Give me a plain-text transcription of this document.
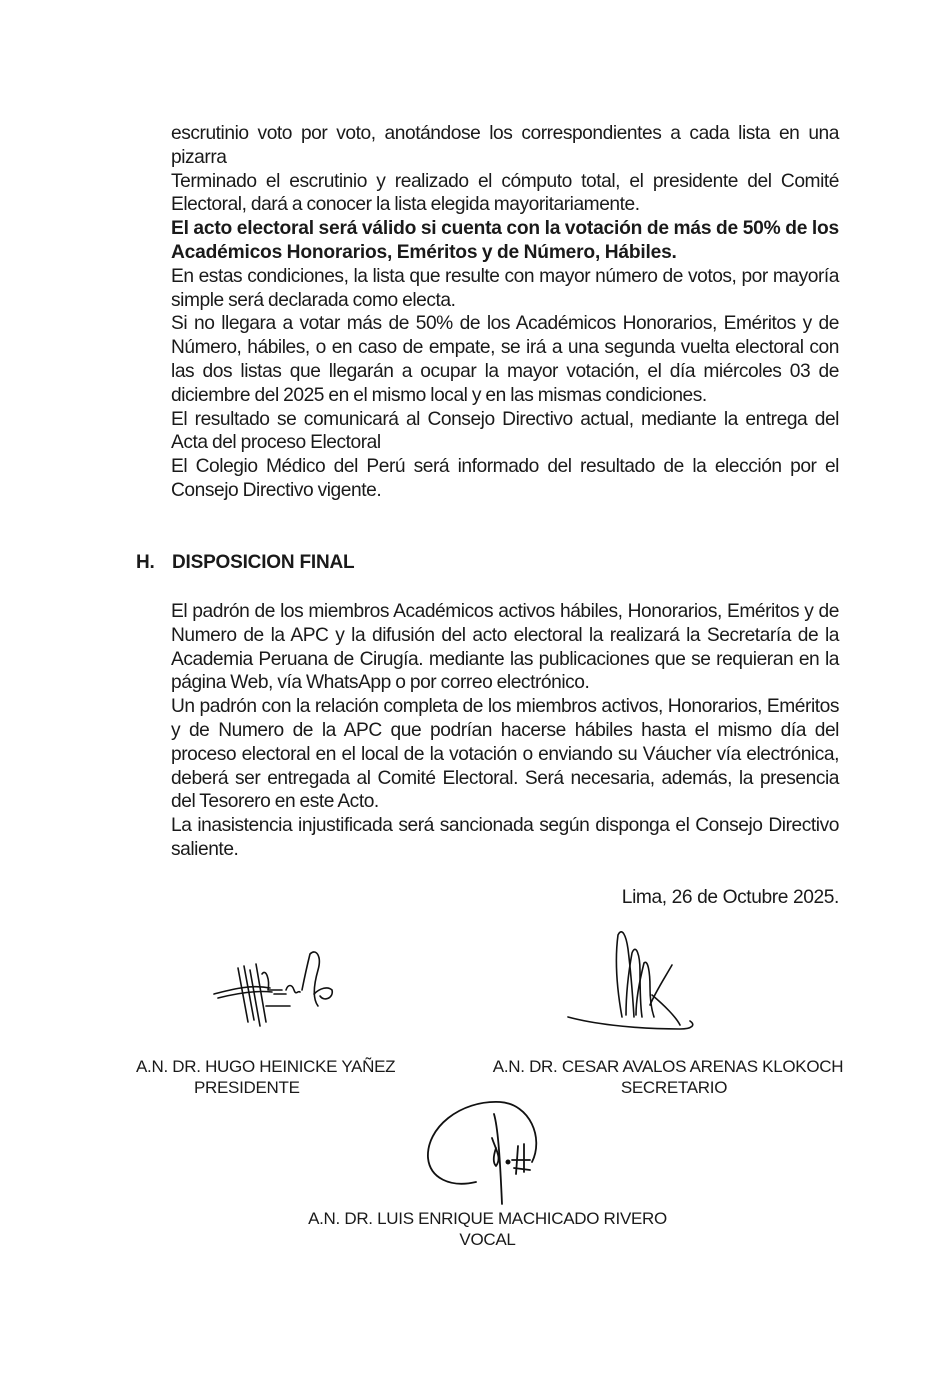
escrutinio voto por voto, anotándose los correspondientes a cada lista en una pizarra

Terminado el escrutinio y realizado el cómputo total, el presidente del Comité Electoral, dará a conocer la lista elegida mayoritariamente.

El acto electoral será válido si cuenta con la votación de más de 50% de los Académicos Honorarios, Eméritos y de Número, Hábiles.

En estas condiciones, la lista que resulte con mayor número de votos, por mayoría simple será declarada como electa.

Si no llegara a votar más de 50% de los Académicos Honorarios, Eméritos y de Número, hábiles, o en caso de empate, se irá a una segunda vuelta electoral con las dos listas que llegarán a ocupar la mayor votación, el día miércoles 03 de diciembre del 2025 en el mismo local y en las mismas condiciones.

El resultado se comunicará al Consejo Directivo actual, mediante la entrega del Acta del proceso Electoral

El Colegio Médico del Perú será informado del resultado de la elección por el Consejo Directivo vigente.

H. DISPOSICION FINAL

El padrón de los miembros Académicos activos hábiles, Honorarios, Eméritos y de Numero de la APC y la difusión del acto electoral la realizará la Secretaría de la Academia Peruana de Cirugía. mediante las publicaciones que se requieran en la página Web, vía WhatsApp o por correo electrónico.

Un padrón con la relación completa de los miembros activos, Honorarios, Eméritos y de Numero de la APC que podrían hacerse hábiles hasta el mismo día del proceso electoral en el local de la votación o enviando su Váucher vía electrónica, deberá ser entregada al Comité Electoral. Será necesaria, además, la presencia del Tesorero en este Acto.

La inasistencia injustificada será sancionada según disponga el Consejo Directivo saliente.

Lima, 26 de Octubre 2025.
A.N. DR. HUGO HEINICKE YAÑEZ
PRESIDENTE
A.N. DR. CESAR AVALOS ARENAS KLOKOCH
SECRETARIO
A.N. DR. LUIS ENRIQUE MACHICADO RIVERO
VOCAL
